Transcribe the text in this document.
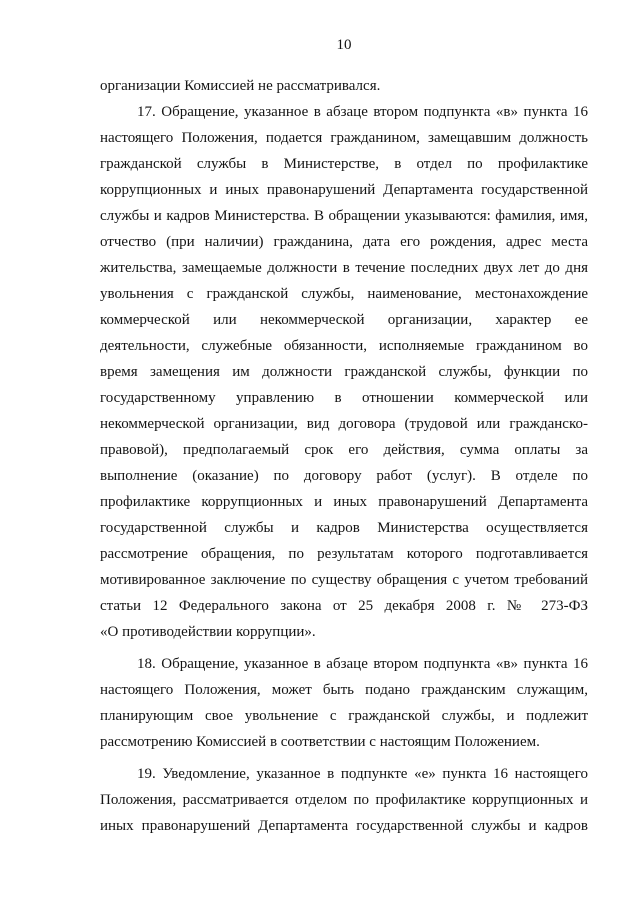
10
организации Комиссией не рассматривался.
17. Обращение, указанное в абзаце втором подпункта «в» пункта 16
настоящего Положения, подается гражданином, замещавшим должность
гражданской службы в Министерстве, в отдел по профилактике
коррупционных и иных правонарушений Департамента государственной
службы и кадров Министерства. В обращении указываются: фамилия, имя,
отчество (при наличии) гражданина, дата его рождения, адрес места
жительства, замещаемые должности в течение последних двух лет до дня
увольнения с гражданской службы, наименование, местонахождение
коммерческой или некоммерческой организации, характер ее
деятельности, служебные обязанности, исполняемые гражданином во
время замещения им должности гражданской службы, функции по
государственному управлению в отношении коммерческой или
некоммерческой организации, вид договора (трудовой или гражданско-
правовой), предполагаемый срок его действия, сумма оплаты за
выполнение (оказание) по договору работ (услуг). В отделе по
профилактике коррупционных и иных правонарушений Департамента
государственной службы и кадров Министерства осуществляется
рассмотрение обращения, по результатам которого подготавливается
мотивированное заключение по существу обращения с учетом требований
статьи 12 Федерального закона от 25 декабря 2008 г. № 273-ФЗ
«О противодействии коррупции».
18. Обращение, указанное в абзаце втором подпункта «в» пункта 16
настоящего Положения, может быть подано гражданским служащим,
планирующим свое увольнение с гражданской службы, и подлежит
рассмотрению Комиссией в соответствии с настоящим Положением.
19. Уведомление, указанное в подпункте «е» пункта 16 настоящего
Положения, рассматривается отделом по профилактике коррупционных и
иных правонарушений Департамента государственной службы и кадров
